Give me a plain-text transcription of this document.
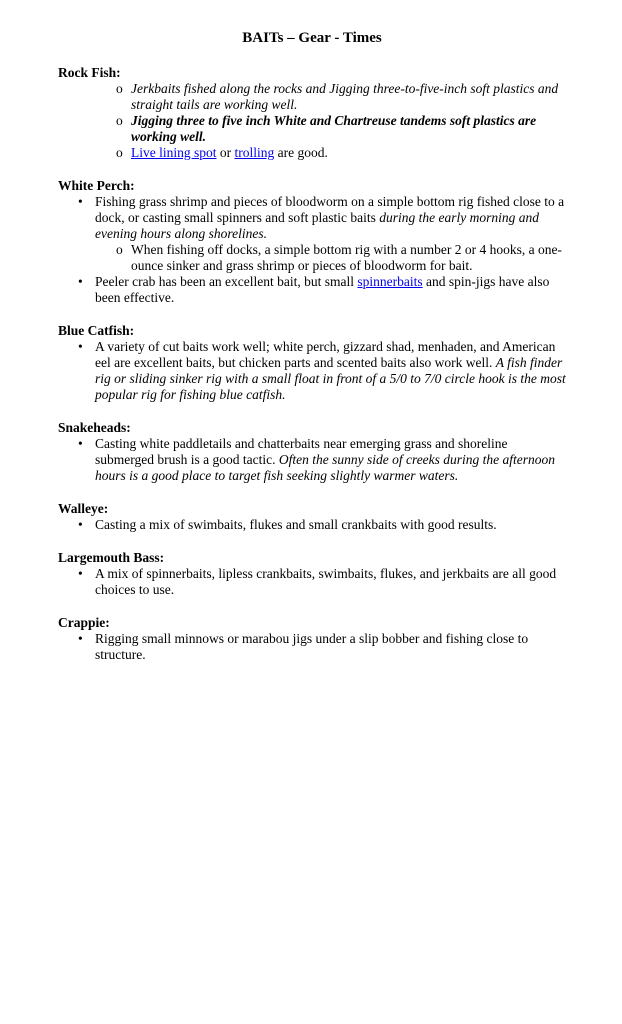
BAITs – Gear - Times
Rock Fish:
o Jerkbaits fished along the rocks and Jigging three-to-five-inch soft plastics and straight tails are working well.
o Jigging three to five inch White and Chartreuse tandems soft plastics are working well.
o Live lining spot or trolling are good.
White Perch:
• Fishing grass shrimp and pieces of bloodworm on a simple bottom rig fished close to a dock, or casting small spinners and soft plastic baits during the early morning and evening hours along shorelines.
o When fishing off docks, a simple bottom rig with a number 2 or 4 hooks, a one-ounce sinker and grass shrimp or pieces of bloodworm for bait.
• Peeler crab has been an excellent bait, but small spinnerbaits and spin-jigs have also been effective.
Blue Catfish:
• A variety of cut baits work well; white perch, gizzard shad, menhaden, and American eel are excellent baits, but chicken parts and scented baits also work well. A fish finder rig or sliding sinker rig with a small float in front of a 5/0 to 7/0 circle hook is the most popular rig for fishing blue catfish.
Snakeheads:
• Casting white paddletails and chatterbaits near emerging grass and shoreline submerged brush is a good tactic. Often the sunny side of creeks during the afternoon hours is a good place to target fish seeking slightly warmer waters.
Walleye:
• Casting a mix of swimbaits, flukes and small crankbaits with good results.
Largemouth Bass:
• A mix of spinnerbaits, lipless crankbaits, swimbaits, flukes, and jerkbaits are all good choices to use.
Crappie:
• Rigging small minnows or marabou jigs under a slip bobber and fishing close to structure.
